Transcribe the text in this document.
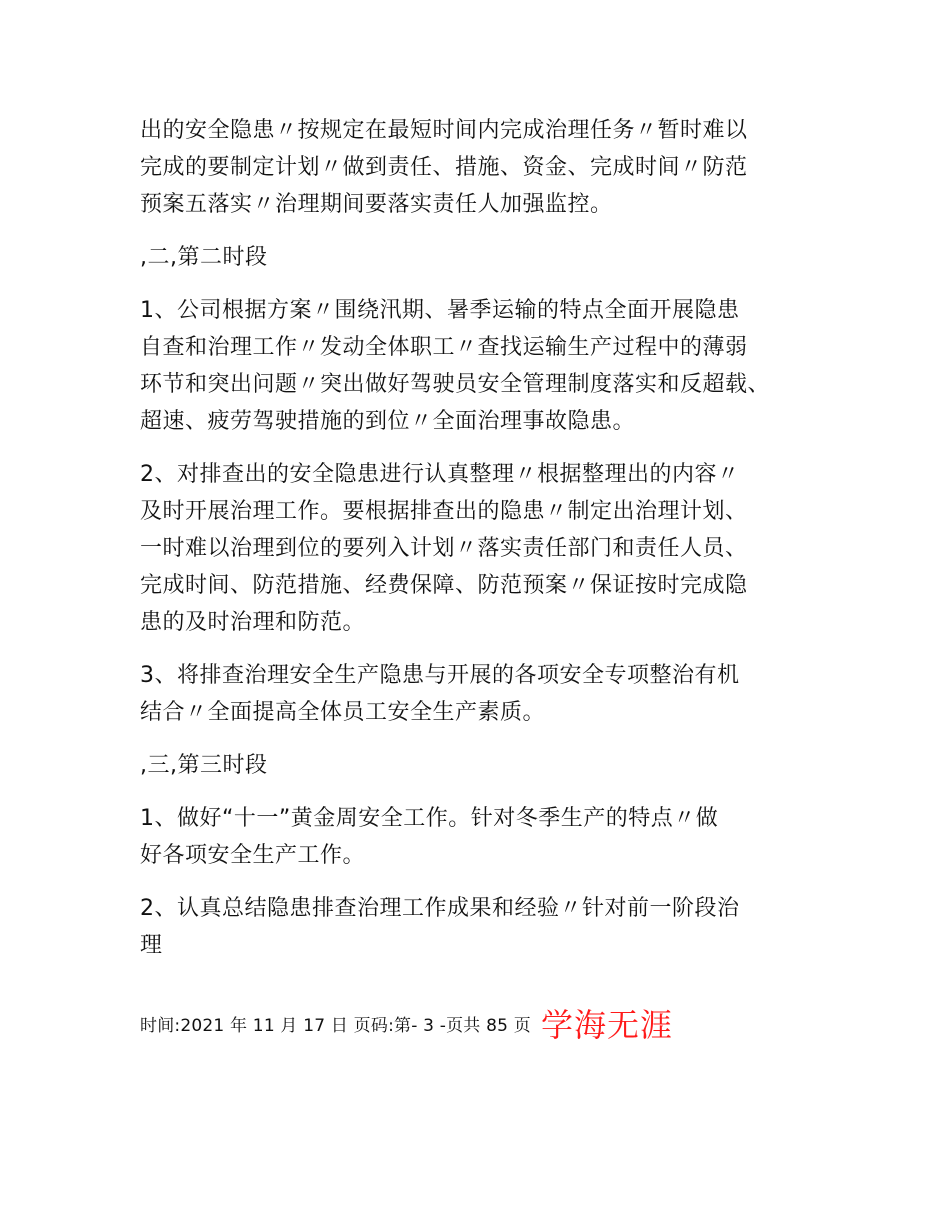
出的安全隐患〃按规定在最短时间内完成治理任务〃暂时难以
完成的要制定计划〃做到责任、措施、资金、完成时间〃防范
预案五落实〃治理期间要落实责任人加强监控。
,二,第二时段
1、公司根据方案〃围绕汛期、暑季运输的特点全面开展隐患
自查和治理工作〃发动全体职工〃查找运输生产过程中的薄弱
环节和突出问题〃突出做好驾驶员安全管理制度落实和反超载、
超速、疲劳驾驶措施的到位〃全面治理事故隐患。
2、对排查出的安全隐患进行认真整理〃根据整理出的内容〃
及时开展治理工作。要根据排查出的隐患〃制定出治理计划、
一时难以治理到位的要列入计划〃落实责任部门和责任人员、
完成时间、防范措施、经费保障、防范预案〃保证按时完成隐
患的及时治理和防范。
3、将排查治理安全生产隐患与开展的各项安全专项整治有机
结合〃全面提高全体员工安全生产素质。
,三,第三时段
1、做好“十一”黄金周安全工作。针对冬季生产的特点〃做
好各项安全生产工作。
2、认真总结隐患排查治理工作成果和经验〃针对前一阶段治
理
时间:2021 年 11 月 17 日 页码:第- 3 -页共 85 页 学海无涯
